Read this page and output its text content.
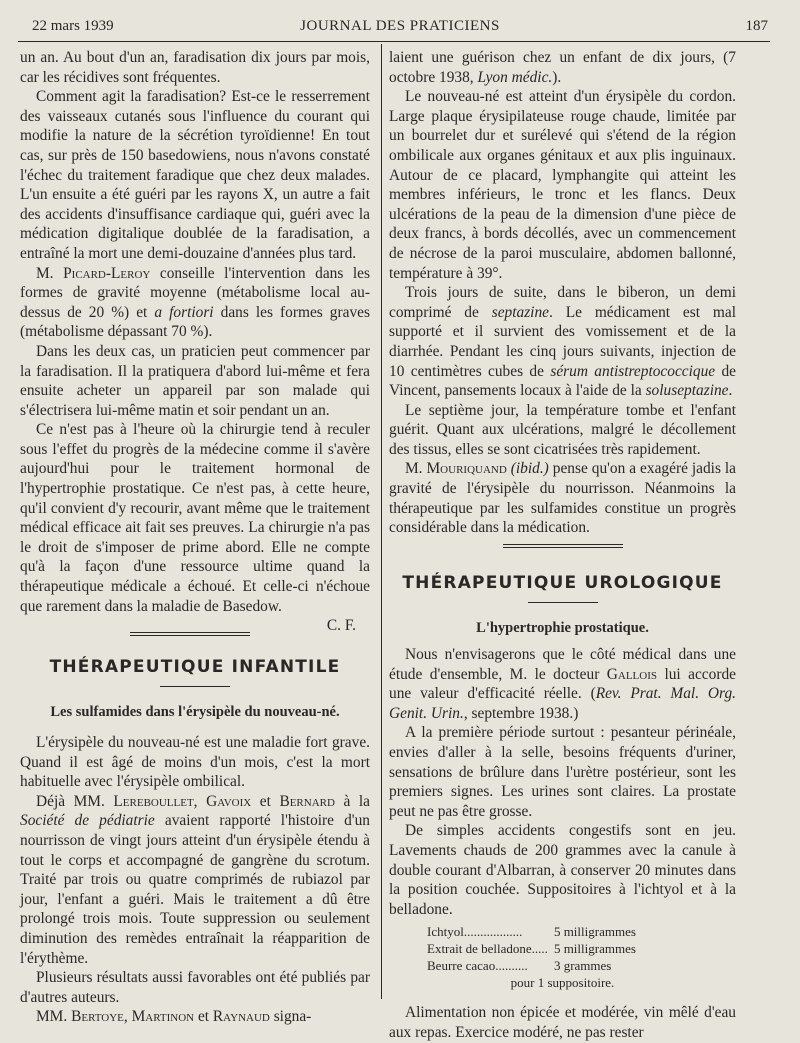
22 mars 1939	JOURNAL DES PRATICIENS	187

un an. Au bout d'un an, faradisation dix jours par mois, car les récidives sont fréquentes.

Comment agit la faradisation? Est-ce le resserrement des vaisseaux cutanés sous l'influence du courant qui modifie la nature de la sécrétion tyroïdienne! En tout cas, sur près de 150 basedowiens, nous n'avons constaté l'échec du traitement faradique que chez deux malades. L'un ensuite a été guéri par les rayons X, un autre a fait des accidents d'insuffisance cardiaque qui, guéri avec la médication digitalique doublée de la faradisation, a entraîné la mort une demi-douzaine d'années plus tard.

M. Picard-Leroy conseille l'intervention dans les formes de gravité moyenne (métabolisme local au-dessus de 20 %) et a fortiori dans les formes graves (métabolisme dépassant 70 %).

Dans les deux cas, un praticien peut commencer par la faradisation. Il la pratiquera d'abord lui-même et fera ensuite acheter un appareil par son malade qui s'électrisera lui-même matin et soir pendant un an.

Ce n'est pas à l'heure où la chirurgie tend à reculer sous l'effet du progrès de la médecine comme il s'avère aujourd'hui pour le traitement hormonal de l'hypertrophie prostatique. Ce n'est pas, à cette heure, qu'il convient d'y recourir, avant même que le traitement médical efficace ait fait ses preuves. La chirurgie n'a pas le droit de s'imposer de prime abord. Elle ne compte qu'à la façon d'une ressource ultime quand la thérapeutique médicale a échoué. Et celle-ci n'échoue que rarement dans la maladie de Basedow.

C. F.

THÉRAPEUTIQUE INFANTILE

Les sulfamides dans l'érysipèle du nouveau-né.

L'érysipèle du nouveau-né est une maladie fort grave. Quand il est âgé de moins d'un mois, c'est la mort habituelle avec l'érysipèle ombilical.

Déjà MM. Lereboullet, Gavoix et Bernard à la Société de pédiatrie avaient rapporté l'histoire d'un nourrisson de vingt jours atteint d'un érysipèle étendu à tout le corps et accompagné de gangrène du scrotum. Traité par trois ou quatre comprimés de rubiazol par jour, l'enfant a guéri. Mais le traitement a dû être prolongé trois mois. Toute suppression ou seulement diminution des remèdes entraînait la réapparition de l'érythème.

Plusieurs résultats aussi favorables ont été publiés par d'autres auteurs.

MM. Bertoye, Martinon et Raynaud signa-

laient une guérison chez un enfant de dix jours, (7 octobre 1938, Lyon médic.).

Le nouveau-né est atteint d'un érysipèle du cordon. Large plaque érysipilateuse rouge chaude, limitée par un bourrelet dur et surélevé qui s'étend de la région ombilicale aux organes génitaux et aux plis inguinaux. Autour de ce placard, lymphangite qui atteint les membres inférieurs, le tronc et les flancs. Deux ulcérations de la peau de la dimension d'une pièce de deux francs, à bords décollés, avec un commencement de nécrose de la paroi musculaire, abdomen ballonné, température à 39°.

Trois jours de suite, dans le biberon, un demi comprimé de septazine. Le médicament est mal supporté et il survient des vomissement et de la diarrhée. Pendant les cinq jours suivants, injection de 10 centimètres cubes de sérum antistreptococcique de Vincent, pansements locaux à l'aide de la soluseptazine.

Le septième jour, la température tombe et l'enfant guérit. Quant aux ulcérations, malgré le décollement des tissus, elles se sont cicatrisées très rapidement.

M. Mouriquand (ibid.) pense qu'on a exagéré jadis la gravité de l'érysipèle du nourrisson. Néanmoins la thérapeutique par les sulfamides constitue un progrès considérable dans la médication.

THÉRAPEUTIQUE UROLOGIQUE

L'hypertrophie prostatique.

Nous n'envisagerons que le côté médical dans une étude d'ensemble, M. le docteur Gallois lui accorde une valeur d'efficacité réelle. (Rev. Prat. Mal. Org. Genit. Urin., septembre 1938.)

A la première période surtout : pesanteur périnéale, envies d'aller à la selle, besoins fréquents d'uriner, sensations de brûlure dans l'urètre postérieur, sont les premiers signes. Les urines sont claires. La prostate peut ne pas être grosse.

De simples accidents congestifs sont en jeu. Lavements chauds de 200 grammes avec la canule à double courant d'Albarran, à conserver 20 minutes dans la position couchée. Suppositoires à l'ichtyol et à la belladone.

Ichtyol..................	5 milligrammes
Extrait de belladone.....	5 milligrammes
Beurre cacao..........	3 grammes

pour 1 suppositoire.

Alimentation non épicée et modérée, vin mêlé d'eau aux repas. Exercice modéré, ne pas rester
